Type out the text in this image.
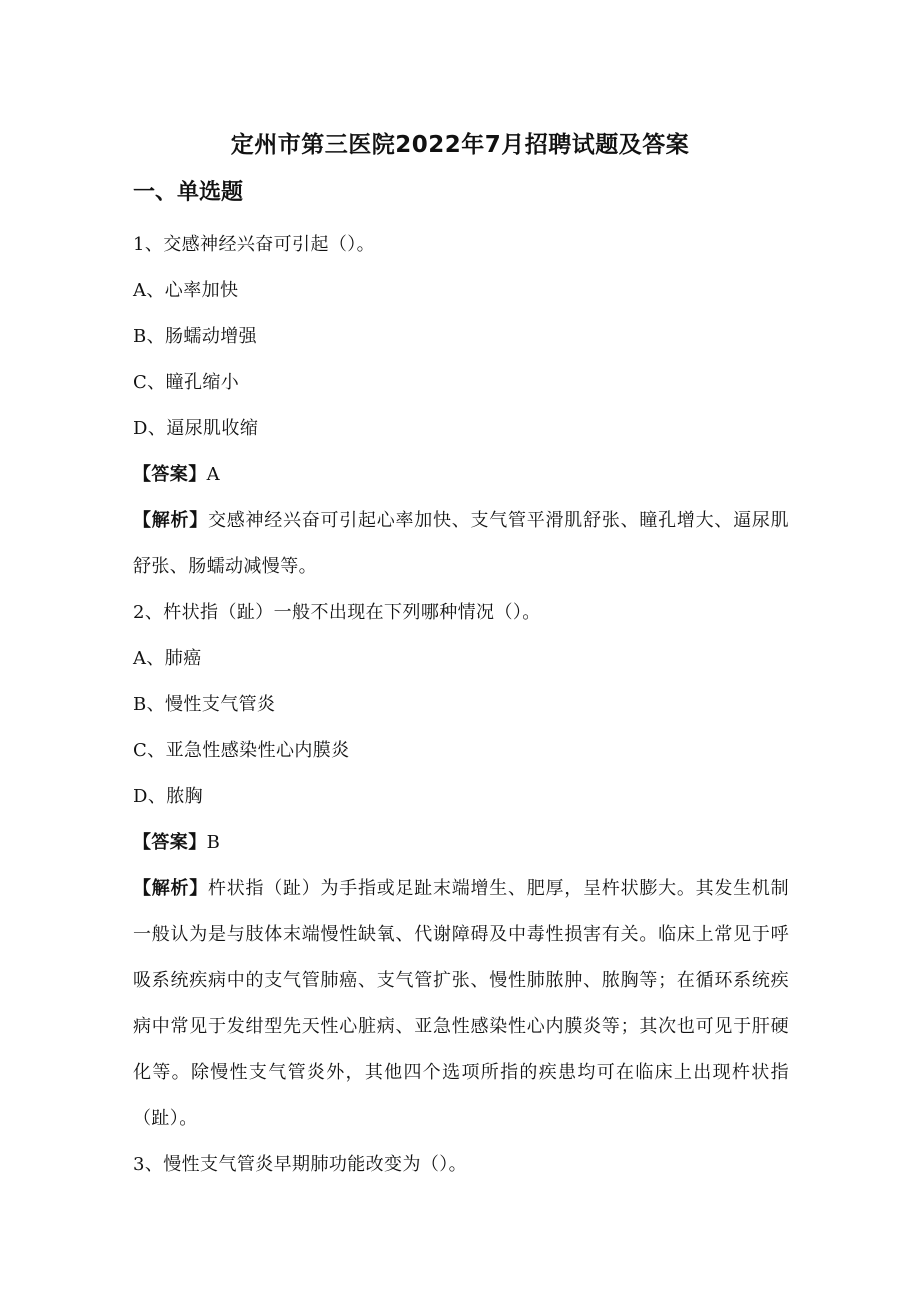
定州市第三医院2022年7月招聘试题及答案
一、单选题
1、交感神经兴奋可引起（）。
A、心率加快
B、肠蠕动增强
C、瞳孔缩小
D、逼尿肌收缩
【答案】A
【解析】交感神经兴奋可引起心率加快、支气管平滑肌舒张、瞳孔增大、逼尿肌舒张、肠蠕动减慢等。
2、杵状指（趾）一般不出现在下列哪种情况（）。
A、肺癌
B、慢性支气管炎
C、亚急性感染性心内膜炎
D、脓胸
【答案】B
【解析】杵状指（趾）为手指或足趾末端增生、肥厚，呈杵状膨大。其发生机制一般认为是与肢体末端慢性缺氧、代谢障碍及中毒性损害有关。临床上常见于呼吸系统疾病中的支气管肺癌、支气管扩张、慢性肺脓肿、脓胸等；在循环系统疾病中常见于发绀型先天性心脏病、亚急性感染性心内膜炎等；其次也可见于肝硬化等。除慢性支气管炎外，其他四个选项所指的疾患均可在临床上出现杵状指（趾）。
3、慢性支气管炎早期肺功能改变为（）。
